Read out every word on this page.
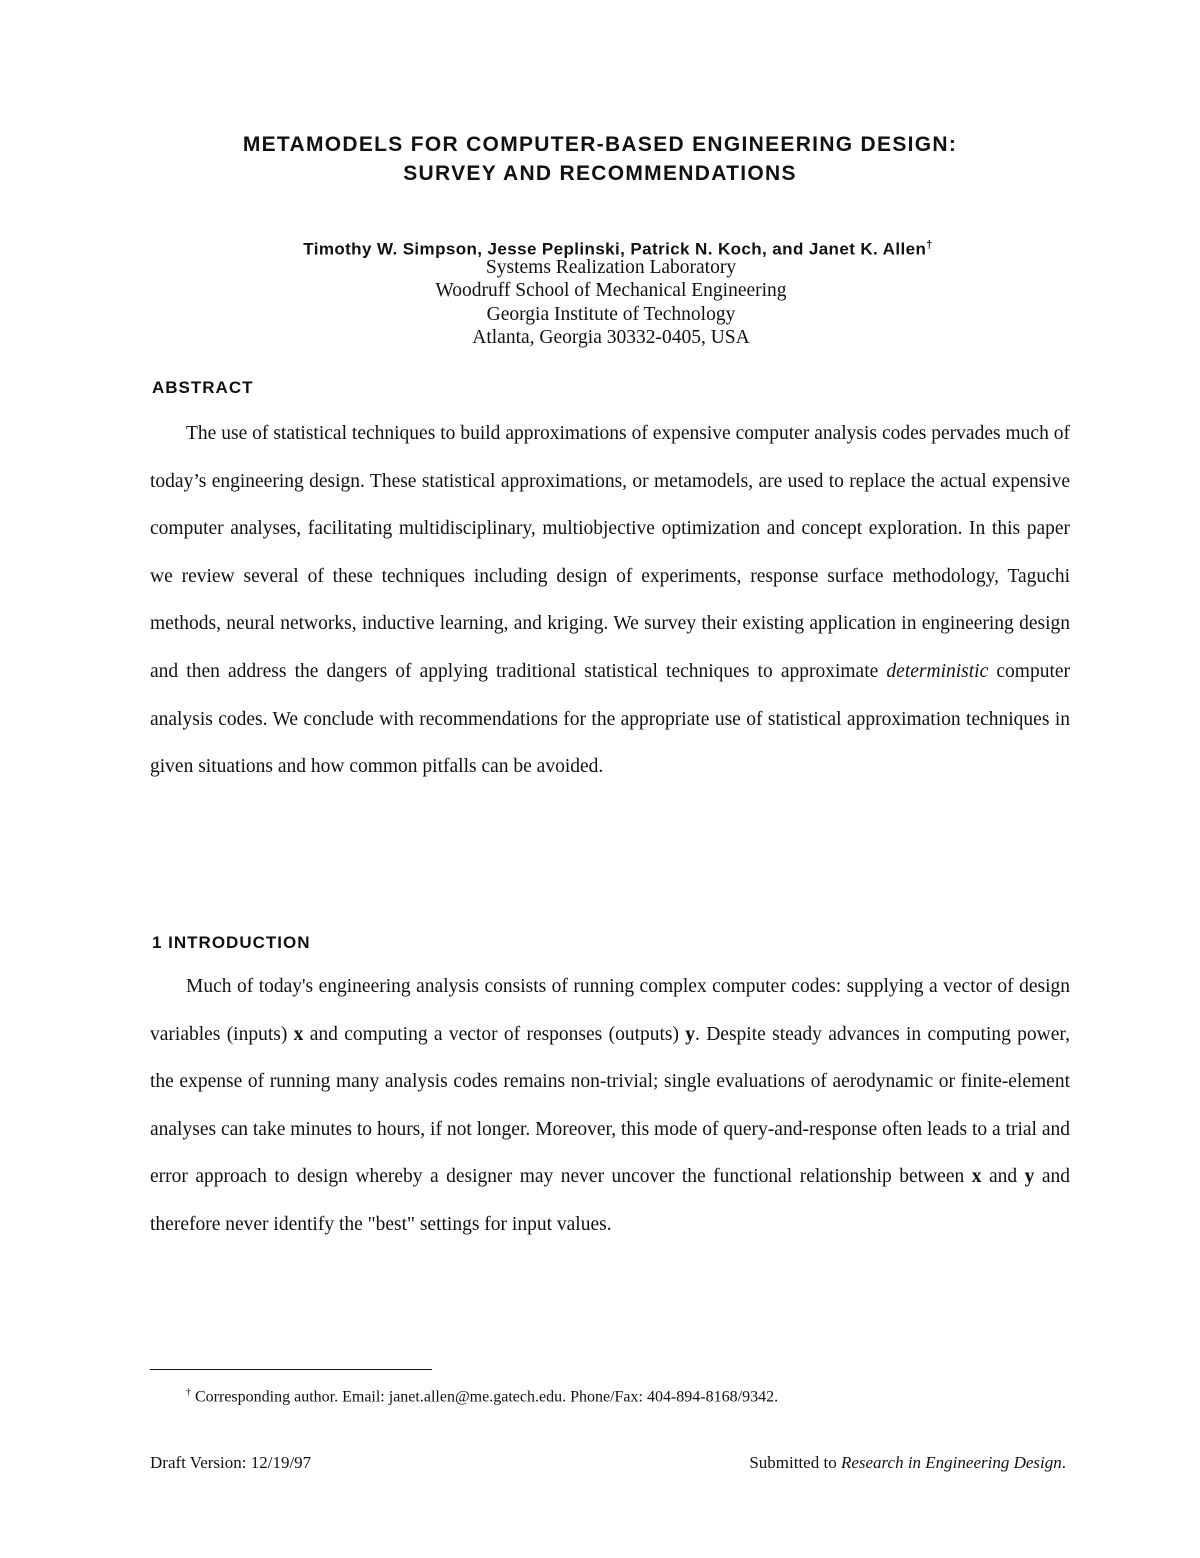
METAMODELS FOR COMPUTER-BASED ENGINEERING DESIGN:
SURVEY AND RECOMMENDATIONS
Timothy W. Simpson, Jesse Peplinski, Patrick N. Koch, and Janet K. Allen†
Systems Realization Laboratory
Woodruff School of Mechanical Engineering
Georgia Institute of Technology
Atlanta, Georgia 30332-0405, USA
ABSTRACT

The use of statistical techniques to build approximations of expensive computer analysis codes pervades much of today’s engineering design. These statistical approximations, or metamodels, are used to replace the actual expensive computer analyses, facilitating multidisciplinary, multiobjective optimization and concept exploration. In this paper we review several of these techniques including design of experiments, response surface methodology, Taguchi methods, neural networks, inductive learning, and kriging. We survey their existing application in engineering design and then address the dangers of applying traditional statistical techniques to approximate deterministic computer analysis codes. We conclude with recommendations for the appropriate use of statistical approximation techniques in given situations and how common pitfalls can be avoided.

1 INTRODUCTION

Much of today's engineering analysis consists of running complex computer codes: supplying a vector of design variables (inputs) x and computing a vector of responses (outputs) y. Despite steady advances in computing power, the expense of running many analysis codes remains non-trivial; single evaluations of aerodynamic or finite-element analyses can take minutes to hours, if not longer. Moreover, this mode of query-and-response often leads to a trial and error approach to design whereby a designer may never uncover the functional relationship between x and y and therefore never identify the "best" settings for input values.

† Corresponding author. Email: janet.allen@me.gatech.edu. Phone/Fax: 404-894-8168/9342.
Draft Version: 12/19/97	Submitted to Research in Engineering Design.
